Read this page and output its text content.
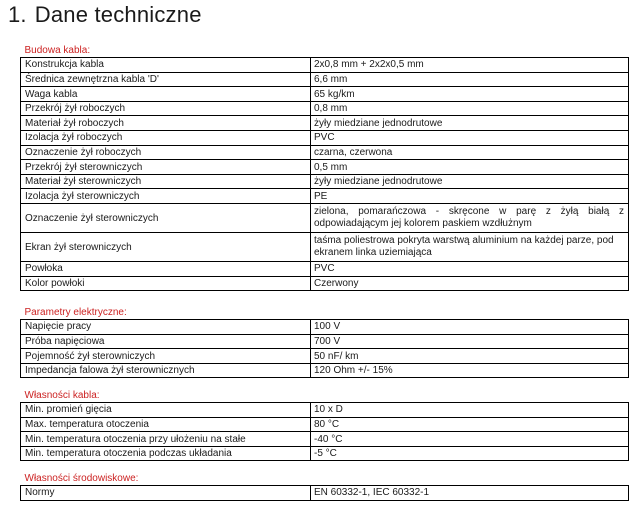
1. Dane techniczne
Budowa kabla:	
Konstrukcja kabla	2x0,8 mm + 2x2x0,5 mm
Średnica zewnętrzna kabla 'D'	6,6 mm
Waga kabla	65 kg/km
Przekrój żył roboczych	0,8 mm
Materiał żył roboczych	żyły miedziane jednodrutowe
Izolacja żył roboczych	PVC
Oznaczenie żył roboczych	czarna, czerwona
Przekrój żył sterowniczych	0,5 mm
Materiał żył sterowniczych	żyły miedziane jednodrutowe
Izolacja żył sterowniczych	PE
Oznaczenie żył sterowniczych	zielona, pomarańczowa - skręcone w parę z żyłą białą z odpowiadającym jej kolorem paskiem wzdłużnym
Ekran żył sterowniczych	taśma poliestrowa pokryta warstwą aluminium na każdej parze, pod ekranem linka uziemiająca
Powłoka	PVC
Kolor powłoki	Czerwony
Parametry elektryczne:	
Napięcie pracy	100 V
Próba napięciowa	700 V
Pojemność żył sterowniczych	50 nF/ km
Impedancja falowa żył sterownicznych	120 Ohm +/- 15%
Własności kabla:	
Min. promień gięcia	10 x D
Max. temperatura otoczenia	80 °C
Min. temperatura otoczenia przy ułożeniu na stałe	-40 °C
Min. temperatura otoczenia podczas układania	-5 °C
Własności środowiskowe:
Normy	EN 60332-1, IEC 60332-1
